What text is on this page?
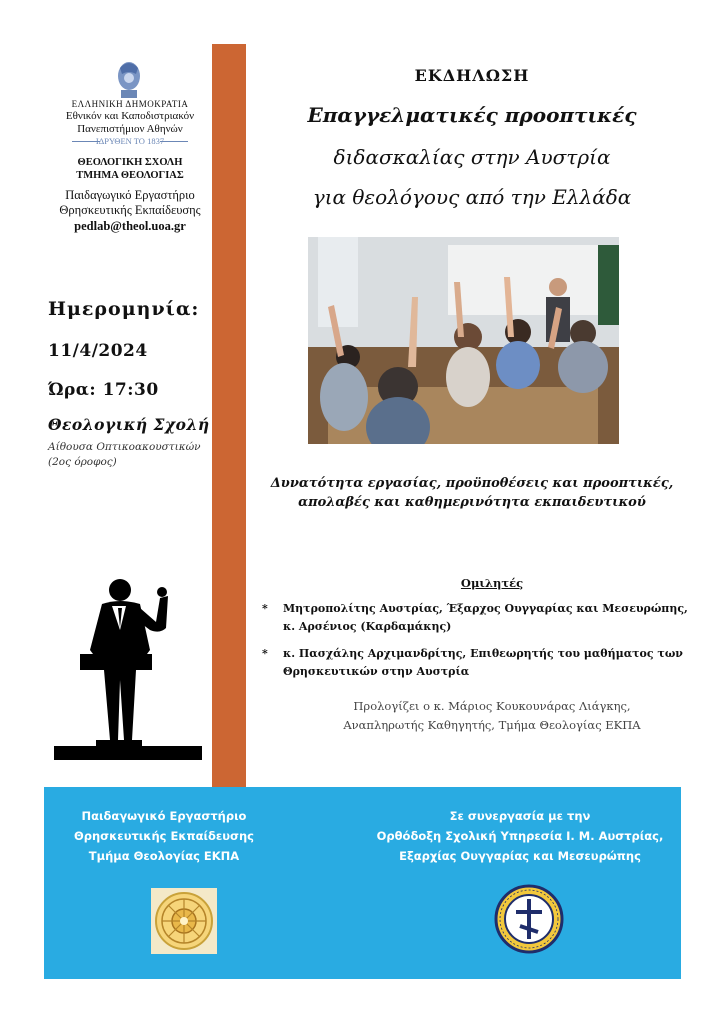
ΕΛΛΗΝΙΚΗ ΔΗΜΟΚΡΑΤΙΑ
Εθνικόν και Καποδιστριακόν
Πανεπιστήμιον Αθηνών
ΙΔΡΥΘΕΝ ΤΟ 1837
ΘΕΟΛΟΓΙΚΗ ΣΧΟΛΗ
ΤΜΗΜΑ ΘΕΟΛΟΓΙΑΣ
Παιδαγωγικό Εργαστήριο
Θρησκευτικής Εκπαίδευσης
pedlab@theol.uoa.gr
Ημερομηνία:
11/4/2024
Ώρα: 17:30
Θεολογική Σχολή
Αίθουσα Οπτικοακουστικών
(2ος όροφος)
ΕΚΔΗΛΩΣΗ
Επαγγελματικές προοπτικές
διδασκαλίας στην Αυστρία
για θεολόγους από την Ελλάδα
Δυνατότητα εργασίας, προϋποθέσεις και προοπτικές,
απολαβές και καθημερινότητα εκπαιδευτικού
Ομιλητές
* Μητροπολίτης Αυστρίας, Έξαρχος Ουγγαρίας και Μεσευρώπης,
κ. Αρσένιος (Καρδαμάκης)
* κ. Πασχάλης Αρχιμανδρίτης, Επιθεωρητής του μαθήματος των
Θρησκευτικών στην Αυστρία
Προλογίζει ο κ. Μάριος Κουκουνάρας Λιάγκης,
Αναπληρωτής Καθηγητής, Τμήμα Θεολογίας ΕΚΠΑ
Παιδαγωγικό Εργαστήριο
Θρησκευτικής Εκπαίδευσης
Τμήμα Θεολογίας ΕΚΠΑ
Σε συνεργασία με την
Ορθόδοξη Σχολική Υπηρεσία Ι. Μ. Αυστρίας,
Εξαρχίας Ουγγαρίας και Μεσευρώπης
